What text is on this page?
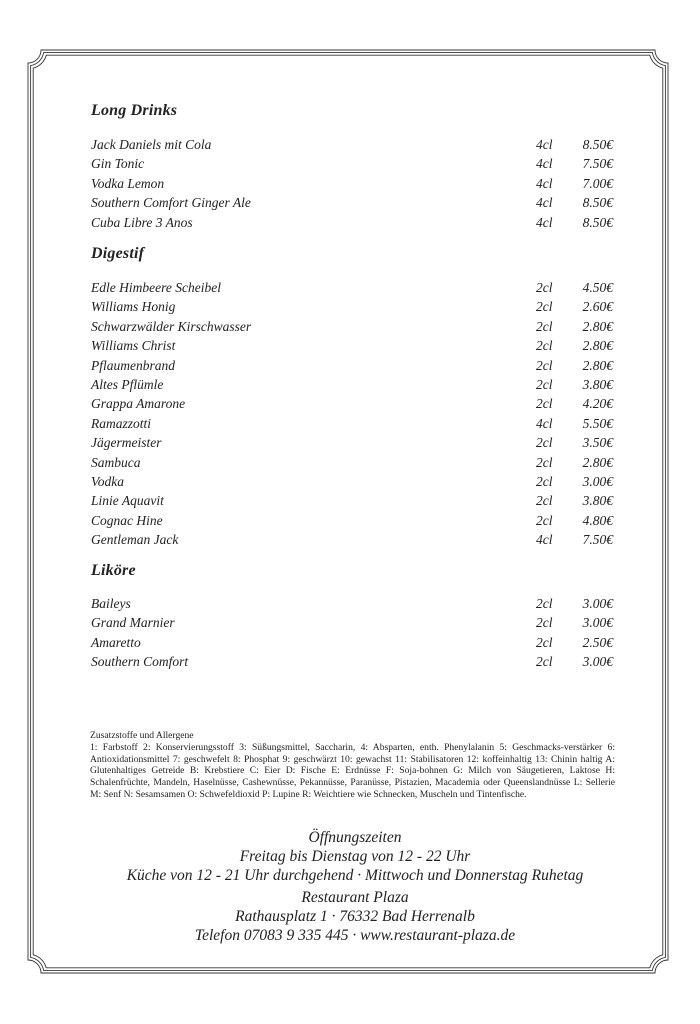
Long Drinks
Jack Daniels mit Cola	4cl 8.50€
Gin Tonic	4cl 7.50€
Vodka Lemon	4cl 7.00€
Southern Comfort Ginger Ale	4cl 8.50€
Cuba Libre 3 Anos	4cl 8.50€
Digestif
Edle Himbeere Scheibel	2cl 4.50€
Williams Honig	2cl 2.60€
Schwarzwälder Kirschwasser	2cl 2.80€
Williams Christ	2cl 2.80€
Pflaumenbrand	2cl 2.80€
Altes Pflümle	2cl 3.80€
Grappa Amarone	2cl 4.20€
Ramazzotti	4cl 5.50€
Jägermeister	2cl 3.50€
Sambuca	2cl 2.80€
Vodka	2cl 3.00€
Linie Aquavit	2cl 3.80€
Cognac Hine	2cl 4.80€
Gentleman Jack	4cl 7.50€
Liköre
Baileys	2cl 3.00€
Grand Marnier	2cl 3.00€
Amaretto	2cl 2.50€
Southern Comfort	2cl 3.00€
Zusatzstoffe und Allergene
1: Farbstoff 2: Konservierungsstoff 3: Süßungsmittel, Saccharin, 4: Absparten, enth. Phenylalanin 5: Geschmacks-verstärker 6: Antioxidationsmittel 7: geschwefelt 8: Phosphat 9: geschwärzt 10: gewachst 11: Stabilisatoren 12: koffeinhaltig 13: Chinin haltig A: Glutenhaltiges Getreide B: Krebstiere C: Eier D: Fische E: Erdnüsse F: Soja-bohnen G: Milch von Säugetieren, Laktose H: Schalenfrüchte, Mandeln, Haselnüsse, Cashewnüsse, Pekannüsse, Paranüsse, Pistazien, Macademia oder Queenslandnüsse L: Sellerie M: Senf N: Sesamsamen O: Schwefeldioxid P: Lupine R: Weichtiere wie Schnecken, Muscheln und Tintenfische.
Öffnungszeiten
Freitag bis Dienstag von 12 - 22 Uhr
Küche von 12 - 21 Uhr durchgehend · Mittwoch und Donnerstag Ruhetag
Restaurant Plaza
Rathausplatz 1 · 76332 Bad Herrenalb
Telefon 07083 9 335 445 · www.restaurant-plaza.de
